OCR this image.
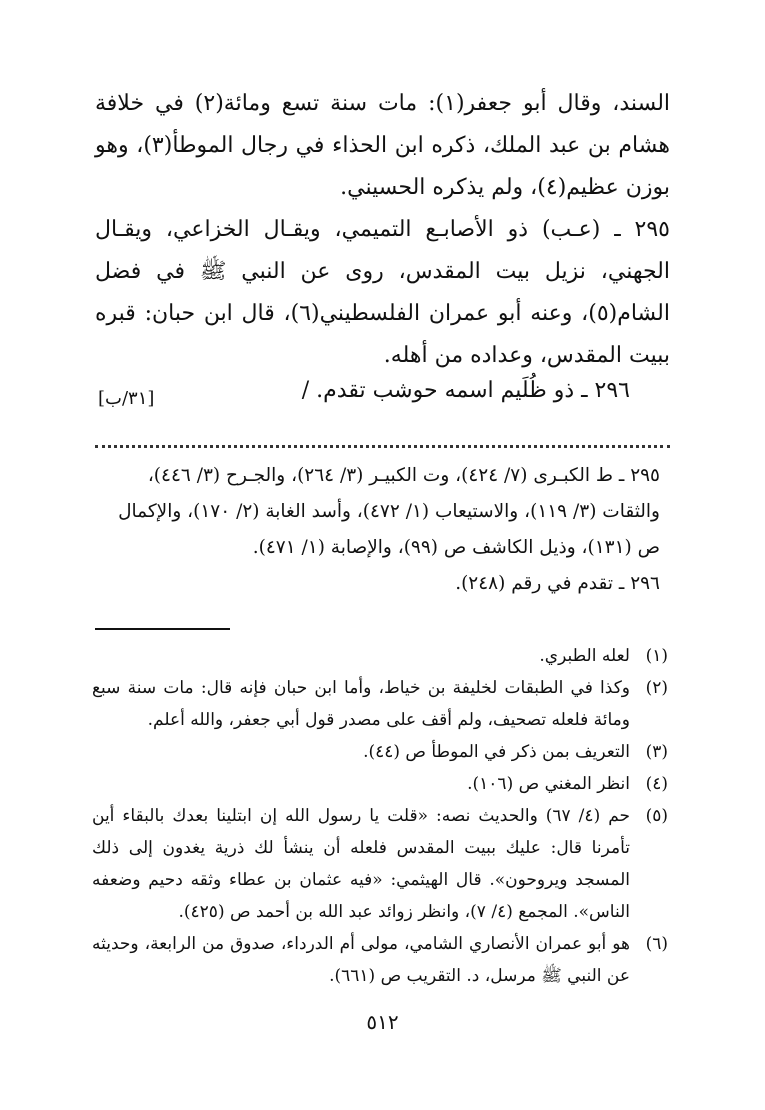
السند، وقال أبو جعفر(١): مات سنة تسع ومائة(٢) في خلافة هشام بن عبد الملك، ذكره ابن الحذاء في رجال الموطأ(٣)، وهو بوزن عظيم(٤)، ولم يذكره الحسيني.

٢٩٥ ـ (عـب) ذو الأصابـع التميمي، ويقـال الخزاعي، ويقـال الجهني، نزيل بيت المقدس، روى عن النبي ﷺ في فضل الشام(٥)، وعنه أبو عمران الفلسطيني(٦)، قال ابن حبان: قبره ببيت المقدس، وعداده من أهله.

٢٩٦ ـ ذو ظُلَيم اسمه حوشب تقدم. /
[٣١/ب]

٢٩٥ ـ ط الكبـرى (٧/ ٤٢٤)، وت الكبيـر (٣/ ٢٦٤)، والجـرح (٣/ ٤٤٦)، والثقات (٣/ ١١٩)، والاستيعاب (١/ ٤٧٢)، وأسد الغابة (٢/ ١٧٠)، والإكمال ص (١٣١)، وذيل الكاشف ص (٩٩)، والإصابة (١/ ٤٧١).

٢٩٦ ـ تقدم في رقم (٢٤٨).

(١)
لعله الطبري.
(٢)
وكذا في الطبقات لخليفة بن خياط، وأما ابن حبان فإنه قال: مات سنة سبع ومائة فلعله تصحيف، ولم أقف على مصدر قول أبي جعفر، والله أعلم.
(٣)
التعريف بمن ذكر في الموطأ ص (٤٤).
(٤)
انظر المغني ص (١٠٦).
(٥)
حم (٤/ ٦٧) والحديث نصه: «قلت يا رسول الله إن ابتلينا بعدك بالبقاء أين تأمرنا قال: عليك ببيت المقدس فلعله أن ينشأ لك ذرية يغدون إلى ذلك المسجد ويروحون». قال الهيثمي: «فيه عثمان بن عطاء وثقه دحيم وضعفه الناس». المجمع (٤/ ٧)، وانظر زوائد عبد الله بن أحمد ص (٤٢٥).
(٦)
هو أبو عمران الأنصاري الشامي، مولى أم الدرداء، صدوق من الرابعة، وحديثه عن النبي ﷺ مرسل، د. التقريب ص (٦٦١).
٥١٢
